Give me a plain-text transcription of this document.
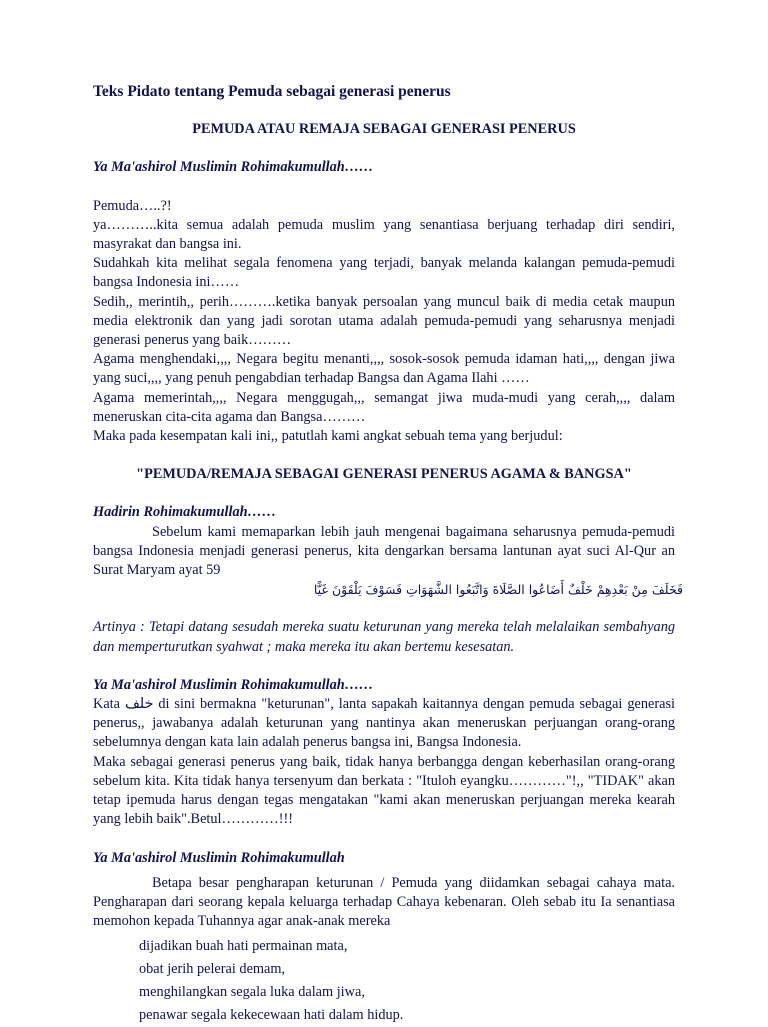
Teks Pidato tentang Pemuda sebagai generasi penerus

PEMUDA ATAU REMAJA SEBAGAI GENERASI PENERUS

Ya Ma'ashirol Muslimin Rohimakumullah……

Pemuda…..?!

ya………..kita semua adalah pemuda muslim yang senantiasa berjuang terhadap diri sendiri, masyrakat dan bangsa ini.

Sudahkah kita melihat segala fenomena yang terjadi, banyak melanda kalangan pemuda-pemudi bangsa Indonesia ini……

Sedih,, merintih,, perih……….ketika banyak persoalan yang muncul baik di media cetak maupun media elektronik dan yang jadi sorotan utama adalah pemuda-pemudi yang seharusnya menjadi generasi penerus yang baik………

Agama menghendaki,,,, Negara begitu menanti,,,, sosok-sosok pemuda idaman hati,,,, dengan jiwa yang suci,,,, yang penuh pengabdian terhadap Bangsa dan Agama Ilahi ……

Agama memerintah,,,, Negara menggugah,,, semangat jiwa muda-mudi yang cerah,,,, dalam meneruskan cita-cita agama dan Bangsa………

Maka pada kesempatan kali ini,, patutlah kami angkat sebuah tema yang berjudul:

"PEMUDA/REMAJA SEBAGAI GENERASI PENERUS AGAMA & BANGSA"

Hadirin Rohimakumullah……

Sebelum kami memaparkan lebih jauh mengenai bagaimana seharusnya pemuda-pemudi bangsa Indonesia menjadi generasi penerus, kita dengarkan bersama lantunan ayat suci Al-Qur an Surat Maryam ayat 59

فَخَلَفَ مِنْ بَعْدِهِمْ خَلْفٌ أَضَاعُوا الصَّلَاةَ وَاتَّبَعُوا الشَّهَوَاتِ فَسَوْفَ يَلْقَوْنَ غَيًّا

Artinya : Tetapi datang sesudah mereka suatu keturunan yang mereka telah melalaikan sembahyang dan memperturutkan syahwat ; maka mereka itu akan bertemu kesesatan.

Ya Ma'ashirol Muslimin Rohimakumullah……

Kata خلف di sini bermakna "keturunan", lanta sapakah kaitannya dengan pemuda sebagai generasi penerus,, jawabanya adalah keturunan yang nantinya akan meneruskan perjuangan orang-orang sebelumnya dengan kata lain adalah penerus bangsa ini, Bangsa Indonesia.

Maka sebagai generasi penerus yang baik, tidak hanya berbangga dengan keberhasilan orang-orang sebelum kita. Kita tidak hanya tersenyum dan berkata : "Ituloh eyangku…………"!,, "TIDAK" akan tetap ipemuda harus dengan tegas mengatakan "kami akan meneruskan perjuangan mereka kearah yang lebih baik".Betul…………!!!

Ya Ma'ashirol Muslimin Rohimakumullah

Betapa besar pengharapan keturunan / Pemuda yang diidamkan sebagai cahaya mata. Pengharapan dari seorang kepala keluarga terhadap Cahaya kebenaran. Oleh sebab itu Ia senantiasa memohon kepada Tuhannya agar anak-anak mereka

dijadikan buah hati permainan mata,

obat jerih pelerai demam,

menghilangkan segala luka dalam jiwa,

penawar segala kekecewaan hati dalam hidup.
